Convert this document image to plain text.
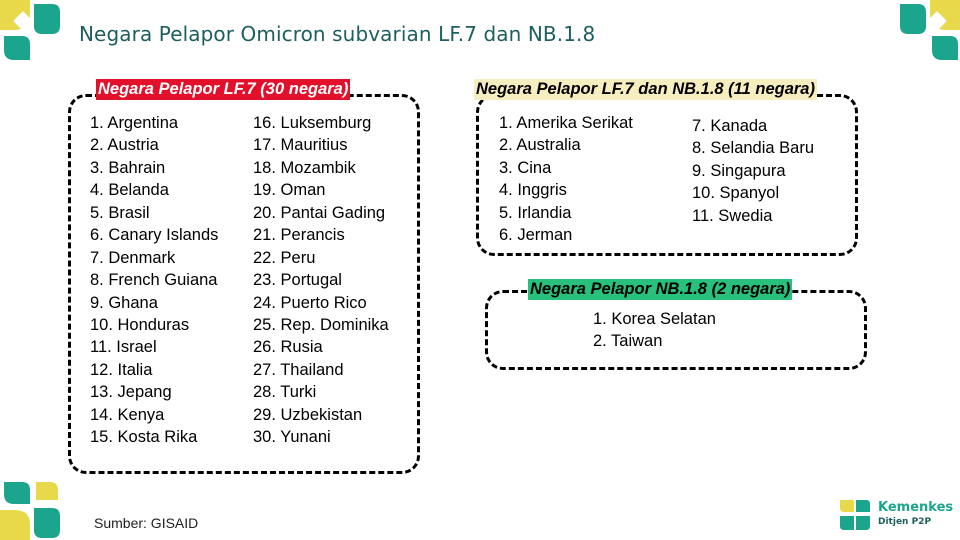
Negara Pelapor Omicron subvarian LF.7 dan NB.1.8
Negara Pelapor LF.7 (30 negara)
1. Argentina
2. Austria
3. Bahrain
4. Belanda
5. Brasil
6. Canary Islands
7. Denmark
8. French Guiana
9. Ghana
10. Honduras
11. Israel
12. Italia
13. Jepang
14. Kenya
15. Kosta Rika
16. Luksemburg
17. Mauritius
18. Mozambik
19. Oman
20. Pantai Gading
21. Perancis
22. Peru
23. Portugal
24. Puerto Rico
25. Rep. Dominika
26. Rusia
27. Thailand
28. Turki
29. Uzbekistan
30. Yunani
Negara Pelapor LF.7 dan NB.1.8 (11 negara)
1. Amerika Serikat
2. Australia
3. Cina
4. Inggris
5. Irlandia
6. Jerman
7. Kanada
8. Selandia Baru
9. Singapura
10. Spanyol
11. Swedia
Negara Pelapor NB.1.8 (2 negara)
1. Korea Selatan
2. Taiwan
Sumber: GISAID
Kemenkes
Ditjen P2P
